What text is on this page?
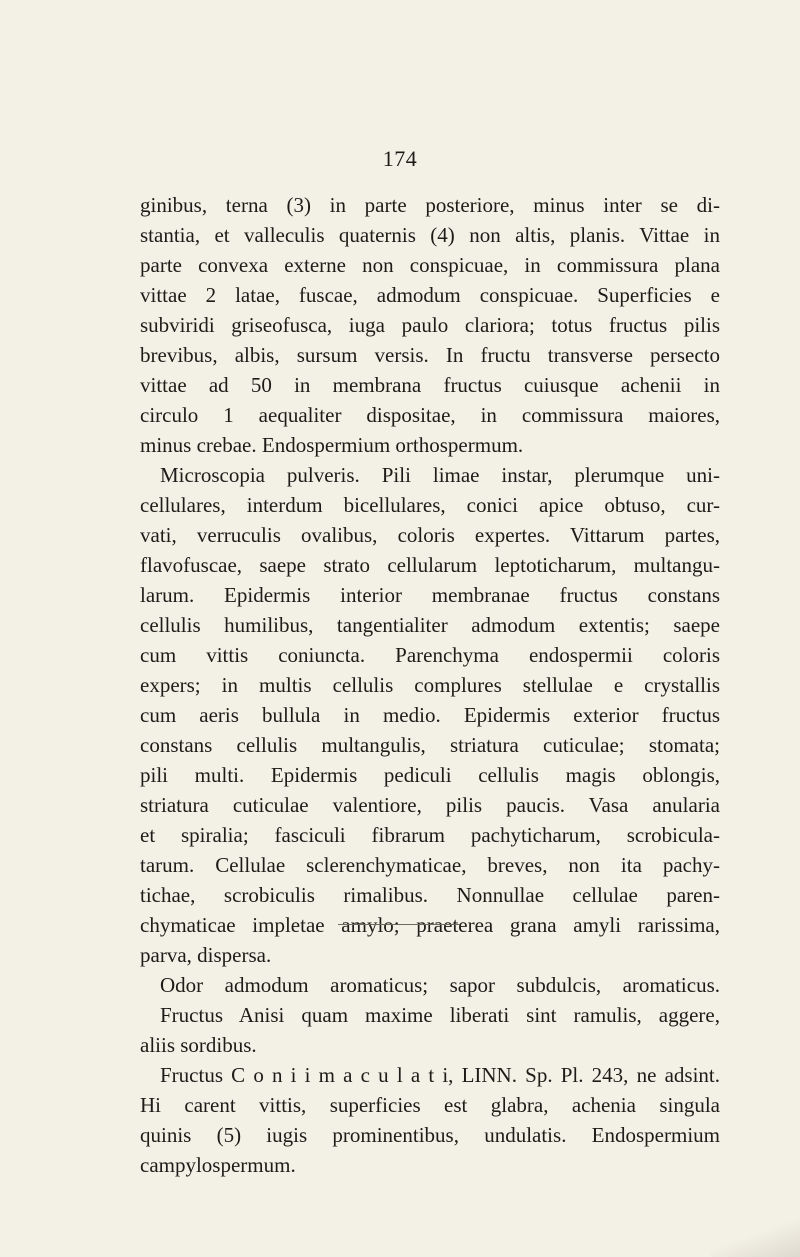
174
ginibus, terna (3) in parte posteriore, minus inter se di-
stantia, et valleculis quaternis (4) non altis, planis. Vittae in
parte convexa externe non conspicuae, in commissura plana
vittae 2 latae, fuscae, admodum conspicuae. Superficies e
subviridi griseofusca, iuga paulo clariora; totus fructus pilis
brevibus, albis, sursum versis. In fructu transverse persecto
vittae ad 50 in membrana fructus cuiusque achenii in
circulo 1 aequaliter dispositae, in commissura maiores,
minus crebae. Endospermium orthospermum.
Microscopia pulveris. Pili limae instar, plerumque uni-
cellulares, interdum bicellulares, conici apice obtuso, cur-
vati, verruculis ovalibus, coloris expertes. Vittarum partes,
flavofuscae, saepe strato cellularum leptoticharum, multangu-
larum. Epidermis interior membranae fructus constans
cellulis humilibus, tangentialiter admodum extentis; saepe
cum vittis coniuncta. Parenchyma endospermii coloris
expers; in multis cellulis complures stellulae e crystallis
cum aeris bullula in medio. Epidermis exterior fructus
constans cellulis multangulis, striatura cuticulae; stomata;
pili multi. Epidermis pediculi cellulis magis oblongis,
striatura cuticulae valentiore, pilis paucis. Vasa anularia
et spiralia; fasciculi fibrarum pachyticharum, scrobicula-
tarum. Cellulae sclerenchymaticae, breves, non ita pachy-
tichae, scrobiculis rimalibus. Nonnullae cellulae paren-
chymaticae impletae amylo; praeterea grana amyli rarissima,
parva, dispersa.
Odor admodum aromaticus; sapor subdulcis, aromaticus.
Fructus Anisi quam maxime liberati sint ramulis, aggere,
aliis sordibus.
Fructus C o n i i m a c u l a t i, LINN. Sp. Pl. 243, ne adsint.
Hi carent vittis, superficies est glabra, achenia singula
quinis (5) iugis prominentibus, undulatis. Endospermium
campylospermum.
